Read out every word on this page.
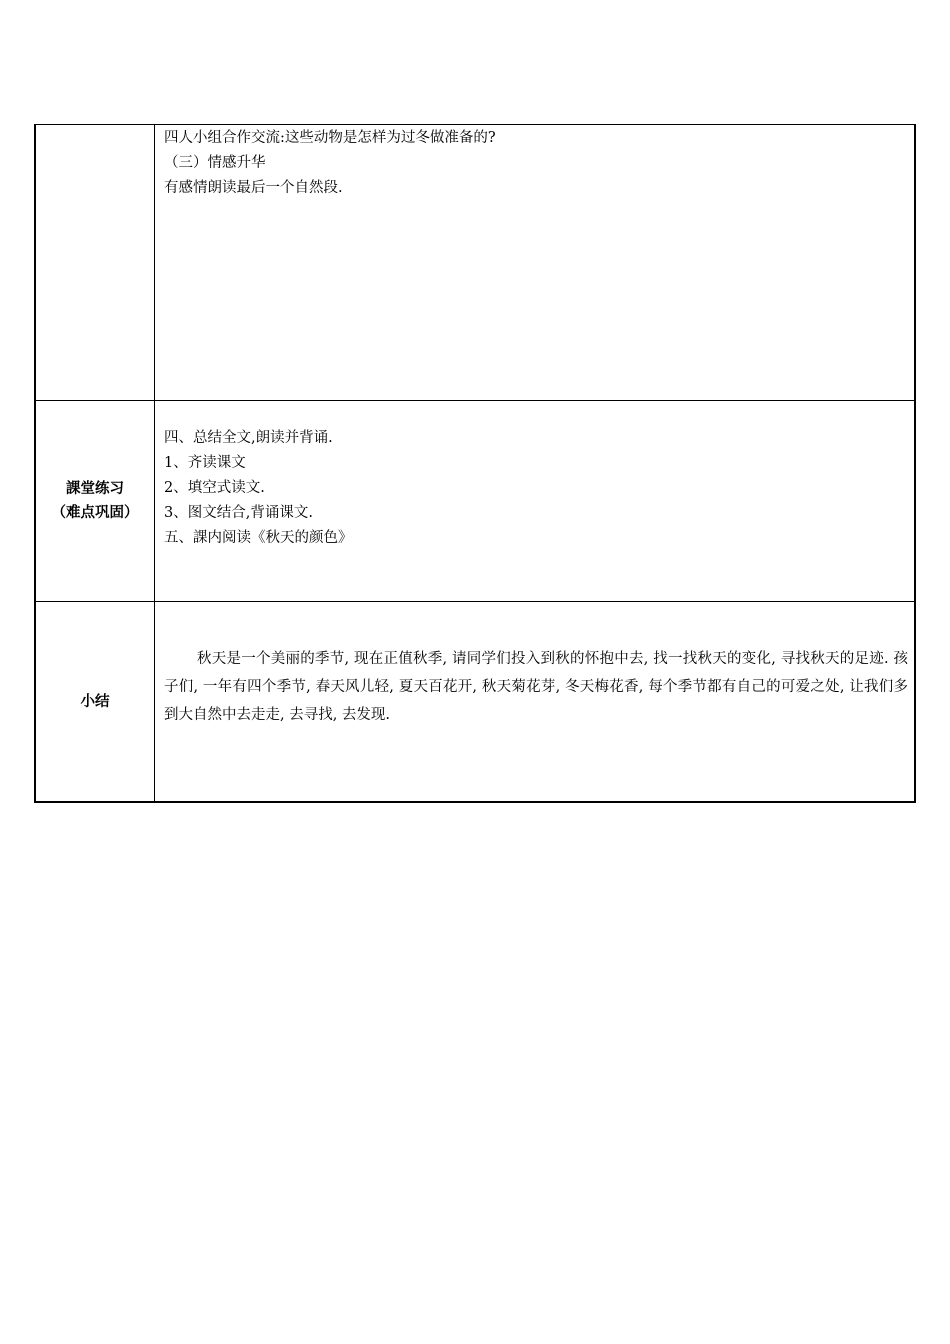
	四人小组合作交流:这些动物是怎样为过冬做准备的?
（三）情感升华
有感情朗读最后一个自然段.

課堂练习
（难点巩固）	四、总结全文,朗读并背诵.
1、齐读课文
2、填空式读文.
3、图文结合,背诵课文.
五、課内阅读《秋天的颜色》

小结	秋天是一个美丽的季节, 现在正值秋季, 请同学们投入到秋的怀抱中去, 找一找秋天的变化, 寻找秋天的足迹. 孩子们, 一年有四个季节, 春天风儿轻, 夏天百花开, 秋天菊花芽, 冬天梅花香, 每个季节都有自己的可爱之处, 让我们多到大自然中去走走, 去寻找, 去发现.
